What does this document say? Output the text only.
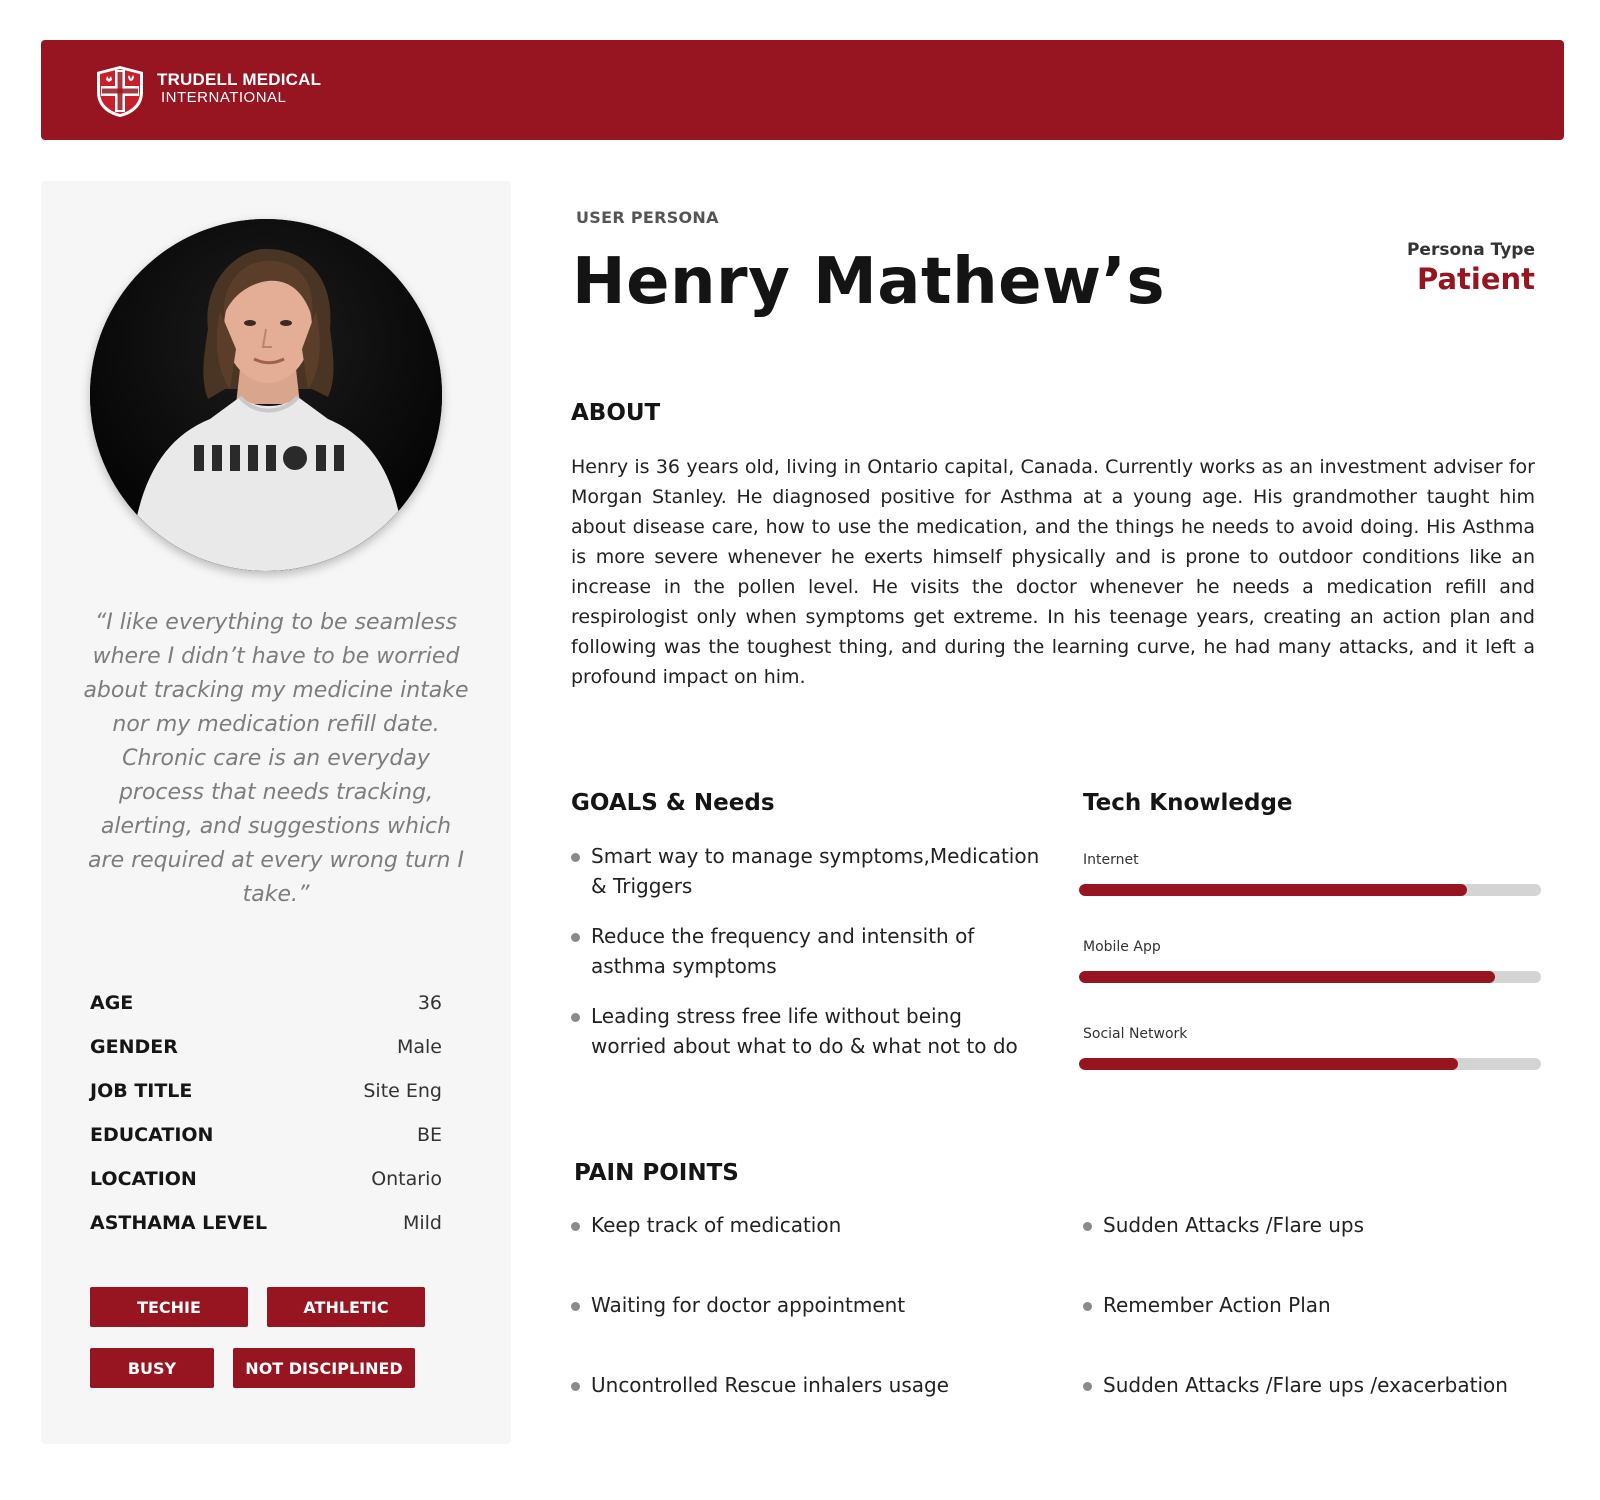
TRUDELL MEDICAL
INTERNATIONAL
“I like everything to be seamless where I didn’t have to be worried about tracking my medicine intake nor my medication refill date. Chronic care is an everyday process that needs tracking, alerting, and suggestions which are required at every wrong turn I take.”
AGE	36
GENDER	Male
JOB TITLE	Site Eng
EDUCATION	BE
LOCATION	Ontario
ASTHAMA LEVEL	Mild
TECHIE	ATHLETIC
BUSY	NOT DISCIPLINED
USER PERSONA
Henry Mathew’s	Persona Type
Patient
ABOUT
Henry is 36 years old, living in Ontario capital, Canada. Currently works as an investment adviser for Morgan Stanley. He diagnosed positive for Asthma at a young age. His grandmother taught him about disease care, how to use the medication, and the things he needs to avoid doing. His Asthma is more severe whenever he exerts himself physically and is prone to outdoor conditions like an increase in the pollen level. He visits the doctor whenever he needs a medication refill and respirologist only when symptoms get extreme. In his teenage years, creating an action plan and following was the toughest thing, and during the learning curve, he had many attacks, and it left a profound impact on him.
GOALS & Needs
Smart way to manage symptoms,Medication & Triggers
Reduce the frequency and intensith of asthma symptoms
Leading stress free life without being worried about what to do & what not to do
Tech Knowledge
Internet
Mobile App
Social Network
PAIN POINTS
Keep track of medication
Waiting for doctor appointment
Uncontrolled Rescue inhalers usage
Sudden Attacks /Flare ups
Remember Action Plan
Sudden Attacks /Flare ups /exacerbation
